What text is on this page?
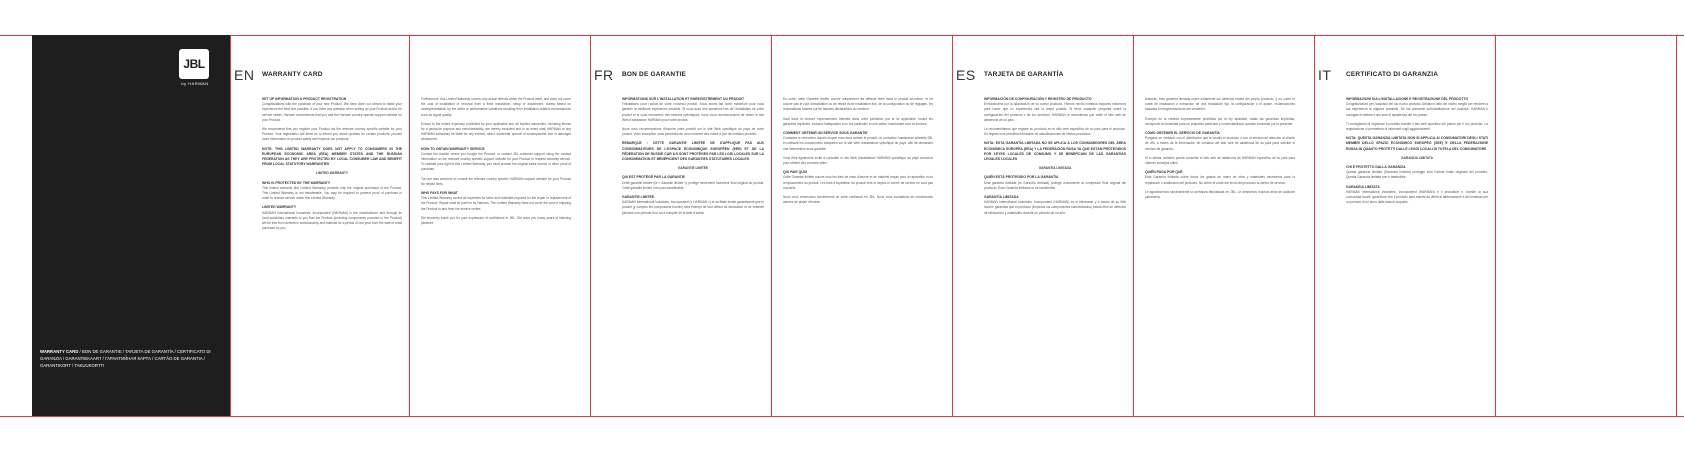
JBL
by HARMAN
WARRANTY CARD / BON DE GARANTIE / TARJETA DE GARANTÍA / CERTIFICATO DI GARANZIA / GARANTIEKAART / ГАРАНТИЙНАЯ КАРТА / CARTÃO DE GARANTIA / GARANTIKORT / TAKUUKORTTI
EN WARRANTY CARD
SET UP INFORMATION & PRODUCT REGISTRATION
Congratulations with the purchase of your new Product. We have done our utmost to make your experience the best one possible. If you have any question when setting up your Product and/or for service needs, Harman recommends that you visit the Harman country specific support website for your Product.
We recommend that you register your Product via the relevant country specific website for your Product. Your registration will allow us to inform you about updates for certain products, provide more information on product safety and improve our products.
NOTE: THIS LIMITED WARRANTY DOES NOT APPLY TO CONSUMERS IN THE EUROPEAN ECONOMIC AREA (EEA) MEMBER STATES AND THE RUSSIAN FEDERATION AS THEY ARE PROTECTED BY LOCAL CONSUMER LAW AND BENEFIT FROM LOCAL STATUTORY WARRANTIES
LIMITED WARRANTY
WHO IS PROTECTED BY THE WARRANTY
This limited warranty (the Limited Warranty) protects only the original purchaser of the Product. This Limited Warranty is not transferable. You may be required to present proof of purchase in order to receive service under this Limited Warranty.
LIMITED WARRANTY
HARMAN International Industries, Incorporated (HARMAN) is the manufacturer and through its local subsidiary warrants to you that the Product (including components provided in the Product) will be free from defects in workmanship and material for a period of one year from the date of retail purchase by you.
Furthermore, this Limited Warranty covers only actual defects within the Product itself, and does not cover the cost of installation or removal from a fixed installation, setup or adjustment, claims based on misrepresentation by the seller or performance variations resulting from installation-related circumstances such as signal quality.
Except to the extent expressly prohibited by your applicable law, all implied warranties, including fitness for a particular purpose and merchantability, are hereby excluded and in no event shall HARMAN or any HARMAN subsidiary be liable for any indirect, direct, incidental, special or consequential, five or damages whatsoever.
HOW TO OBTAIN WARRANTY SERVICE
Contact the reseller where you bought the Product, or contact JBL customer support using the contact information on the relevant country specific support website for your Product to request warranty service. To validate your right to this Limited Warranty, you must provide the original sales invoice or other proof of purchase.
You are also welcome to consult the relevant country specific HARMAN support website for your Product for helpful hints.
WHO PAYS FOR WHAT
This Limited Warranty covers all expenses for labor and materials required for the repair or replacement of the Product. Repair shall be paid for by Harman. The Limited Warranty does not cover the cost of shipping the Product to and from the service centre.
We sincerely thank you for your expression of confidence in JBL. We want you many years of listening pleasure.
FR BON DE GARANTIE
INFORMATIONS SUR L'INSTALLATION ET ENREGISTREMENT DU PRODUIT
Félicitations pour l'achat de votre nouveau produit. Nous avons fait notre maximum pour vous garantir la meilleure expérience possible. Si vous avez des questions lors de l'installation de votre produit et si vous rencontrez des besoins spécifiques, nous vous recommandons de visiter le site Web d'assistance HARMAN pour votre produit.
Nous vous recommandons d'inscrire votre produit sur le site Web spécifique du pays de votre produit. Votre inscription nous permettra de vous informer des mises à jour de certains produits.
REMARQUE : CETTE GARANTIE LIMITÉE NE S'APPLIQUE PAS AUX CONSOMMATEURS DE L'ESPACE ÉCONOMIQUE EUROPÉEN (EEE) ET DE LA FÉDÉRATION DE RUSSIE CAR ILS SONT PROTÉGÉS PAR LES LOIS LOCALES SUR LA CONSOMMATION ET BÉNÉFICIENT DES GARANTIES STATUTAIRES LOCALES
GARANTIE LIMITÉE
QUI EST PROTÉGÉ PAR LA GARANTIE
Cette garantie limitée (la « Garantie limitée ») protège seulement l'acheteur final original du produit. Cette garantie limitée n'est pas transférable.
GARANTIE LIMITÉE
HARMAN International Industries, Incorporated (« HARMAN ») et sa filiale locale garantissent que le produit (y compris les composants fournis) sera exempt de tout défaut de fabrication et de matériel pendant une période d'un an à compter de la date d'achat.
En outre, cette Garantie limitée couvre uniquement les défauts réels dans le produit lui-même, et ne couvre pas le coût d'installation ou de retrait d'une installation fixe, de la configuration ou de réglages, les réclamations basées sur de fausses déclarations du vendeur.
Sauf dans la mesure expressément interdite dans votre juridiction par la loi applicable, toutes les garanties implicites, incluant l'adéquation à un but particulier et une valeur marchande sont ici exclues.
COMMENT OBTENIR UN SERVICE SOUS GARANTIE
Contactez le revendeur auprès duquel vous avez acheté le produit, ou contactez l'assistance clientèle JBL en utilisant les coordonnées indiquées sur le site Web d'assistance spécifique du pays, afin de demander une intervention sous garantie.
Vous êtes également invité à consulter le site Web d'assistance HARMAN spécifique au pays concerné pour obtenir des conseils utiles.
QUI PAIE QUOI
Cette Garantie limitée couvre tous les frais de main-d'œuvre et de matériel requis pour la réparation ou le remplacement du produit. Les frais d'expédition du produit vers et depuis le centre de service ne sont pas couverts.
Nous vous remercions sincèrement de votre confiance en JBL. Nous vous souhaitons de nombreuses années de plaisir d'écoute.
ES TARJETA DE GARANTÍA
INFORMACIÓN DE CONFIGURACIÓN Y REGISTRO DE PRODUCTO
Enhorabuena por la adquisición de su nuevo producto. Hemos hecho nuestros mayores esfuerzos para hacer que su experiencia sea la mejor posible. Si tiene cualquier pregunta sobre la configuración del producto o de los servicios, HARMAN le recomienda que visite el sitio web de asistencia de su país.
Le recomendamos que registre su producto en el sitio web específico de su país para el producto. Su registro nos permitirá informarle de actualizaciones de ciertos productos.
NOTA: ESTA GARANTÍA LIMITADA NO SE APLICA A LOS CONSUMIDORES DEL ÁREA ECONÓMICA EUROPEA (EEA) Y LA FEDERACIÓN RUSA YA QUE ESTÁN PROTEGIDOS POR LEYES LOCALES DE CONSUMO Y SE BENEFICIAN DE LAS GARANTÍAS LEGALES LOCALES
GARANTÍA LIMITADA
QUIÉN ESTÁ PROTEGIDO POR LA GARANTÍA
Esta garantía limitada (la Garantía limitada) protege únicamente al comprador final original del producto. Esta Garantía limitada no es transferible.
GARANTÍA LIMITADA
HARMAN International Industries, Incorporated (HARMAN) es el fabricante y a través de su filial local le garantiza que el producto (incluidos los componentes suministrados) estará libre de defectos de fabricación y materiales durante un período de un año.
Además, esta garantía limitada cubre solamente los defectos reales del propio producto, y no cubre el coste de instalación o extracción de una instalación fija, la configuración o el ajuste, reclamaciones basadas en tergiversaciones del vendedor.
Excepto en la medida expresamente prohibida por la ley aplicable, todas las garantías implícitas, incluyendo la idoneidad para un propósito particular y comerciabilidad, quedan excluidas por la presente.
CÓMO OBTENER EL SERVICIO DE GARANTÍA
Póngase en contacto con el distribuidor que le vendió el producto o con el servicio de atención al cliente de JBL a través de la información de contacto del sitio web de asistencia de su país para solicitar el servicio de garantía.
Si lo desea, también puede consultar el sitio web de asistencia de HARMAN específico de su país para obtener consejos útiles.
QUIÉN PAGA POR QUÉ
Esta Garantía limitada cubre todos los gastos de mano de obra y materiales necesarios para la reparación o sustitución del producto. No cubre el coste del envío del producto al centro de servicio.
Le agradecemos sinceramente la confianza depositada en JBL. Le deseamos muchos años de audición placentera.
IT CERTIFICATO DI GARANZIA
INFORMAZIONI SULL'INSTALLAZIONE E REGISTRAZIONE DEL PRODOTTO
Congratulazioni per l'acquisto del tuo nuovo prodotto. Abbiamo fatto del nostro meglio per rendere la tua esperienza la migliore possibile. Se hai domande sull'installazione del prodotto, HARMAN ti consiglia di visitare il sito web di assistenza del tuo paese.
Ti consigliamo di registrare il prodotto tramite il sito web specifico del paese per il tuo prodotto. La registrazione ci permetterà di informarti sugli aggiornamenti.
NOTA: QUESTA GARANZIA LIMITATA NON SI APPLICA AI CONSUMATORI DEGLI STATI MEMBRI DELLO SPAZIO ECONOMICO EUROPEO (SEE) E DELLA FEDERAZIONE RUSSA IN QUANTO PROTETTI DALLE LEGGI LOCALI DI TUTELA DEL CONSUMATORE
GARANZIA LIMITATA
CHI È PROTETTO DALLA GARANZIA
Questa garanzia limitata (Garanzia limitata) protegge solo l'utente finale originale del prodotto. Questa Garanzia limitata non è trasferibile.
GARANZIA LIMITATA
HARMAN International Industries, Incorporated (HARMAN) è il produttore e, tramite la sua consociata locale, garantisce che il prodotto sarà esente da difetti di fabbricazione e dei materiali per un periodo di un anno dalla data di acquisto.
